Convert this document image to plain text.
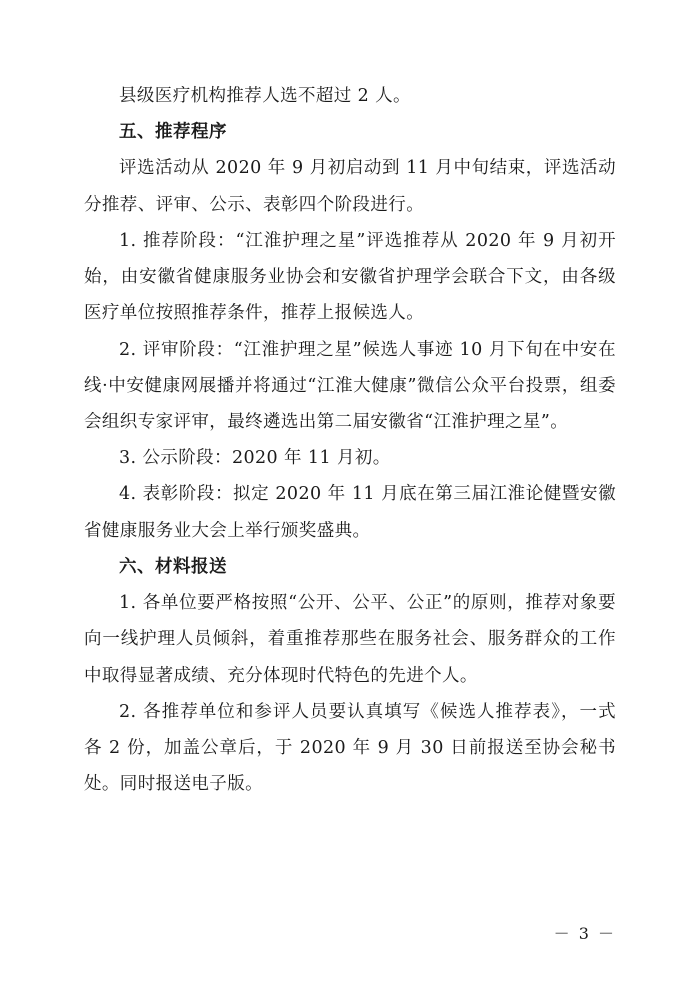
县级医疗机构推荐人选不超过 2 人。

五、推荐程序

评选活动从 2020 年 9 月初启动到 11 月中旬结束，评选活动分推荐、评审、公示、表彰四个阶段进行。

1. 推荐阶段：“江淮护理之星”评选推荐从 2020 年 9 月初开始，由安徽省健康服务业协会和安徽省护理学会联合下文，由各级医疗单位按照推荐条件，推荐上报候选人。

2. 评审阶段：“江淮护理之星”候选人事迹 10 月下旬在中安在线·中安健康网展播并将通过“江淮大健康”微信公众平台投票，组委会组织专家评审，最终遴选出第二届安徽省“江淮护理之星”。

3. 公示阶段：2020 年 11 月初。

4. 表彰阶段：拟定 2020 年 11 月底在第三届江淮论健暨安徽省健康服务业大会上举行颁奖盛典。

六、材料报送

1. 各单位要严格按照“公开、公平、公正”的原则，推荐对象要向一线护理人员倾斜，着重推荐那些在服务社会、服务群众的工作中取得显著成绩、充分体现时代特色的先进个人。

2. 各推荐单位和参评人员要认真填写《候选人推荐表》，一式各 2 份，加盖公章后，于 2020 年 9 月 30 日前报送至协会秘书处。同时报送电子版。

－ 3 －
